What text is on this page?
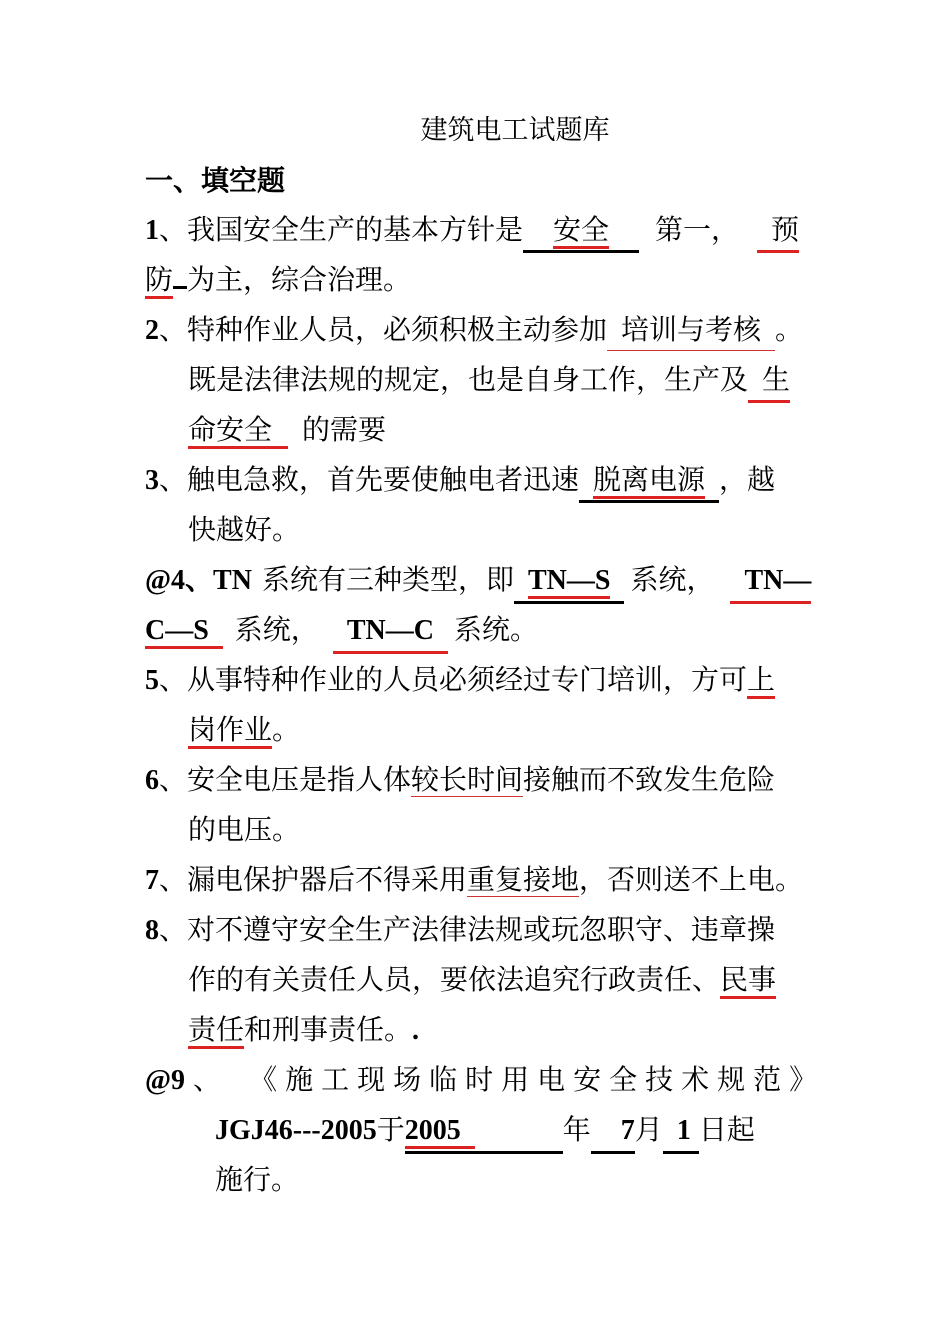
建筑电工试题库
一、填空题
1、我国安全生产的基本方针是 安全 第一， 预
防 为主，综合治理。
2、特种作业人员，必须积极主动参加 培训与考核 。
既是法律法规的规定，也是自身工作，生产及 生
命安全 的需要
3、触电急救，首先要使触电者迅速 脱离电源 ，越
快越好。
@4、TN 系统有三种类型，即 TN—S 系统， TN—
C—S 系统， TN—C 系统。
5、从事特种作业的人员必须经过专门培训，方可上
岗作业。
6、安全电压是指人体较长时间接触而不致发生危险
的电压。
7、漏电保护器后不得采用重复接地，否则送不上电。
8、对不遵守安全生产法律法规或玩忽职守、违章操
作的有关责任人员，要依法追究行政责任、民事
责任和刑事责任。.
@9 、 《施工现场临时用电安全技术规范》
JGJ46---2005于2005	年 7月 1 日起
施行。
